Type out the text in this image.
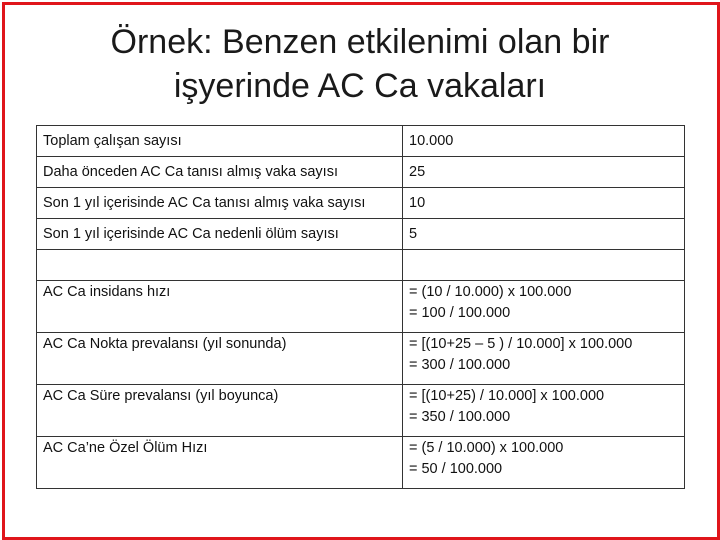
Örnek: Benzen etkilenimi olan bir
işyerinde AC Ca vakaları
Toplam çalışan sayısı	10.000

Daha önceden AC Ca tanısı almış vaka sayısı	25

Son 1 yıl içerisinde AC Ca tanısı almış vaka sayısı	10

Son 1 yıl içerisinde AC Ca nedenli ölüm sayısı	5

AC Ca insidans hızı	= (10 / 10.000) x 100.000
= 100 / 100.000

AC Ca Nokta prevalansı (yıl sonunda)	= [(10+25 – 5 ) / 10.000] x 100.000
= 300 / 100.000

AC Ca Süre prevalansı (yıl boyunca)	= [(10+25) / 10.000] x 100.000
= 350 / 100.000

AC Ca’ne Özel Ölüm Hızı	= (5 / 10.000) x 100.000
= 50 / 100.000
